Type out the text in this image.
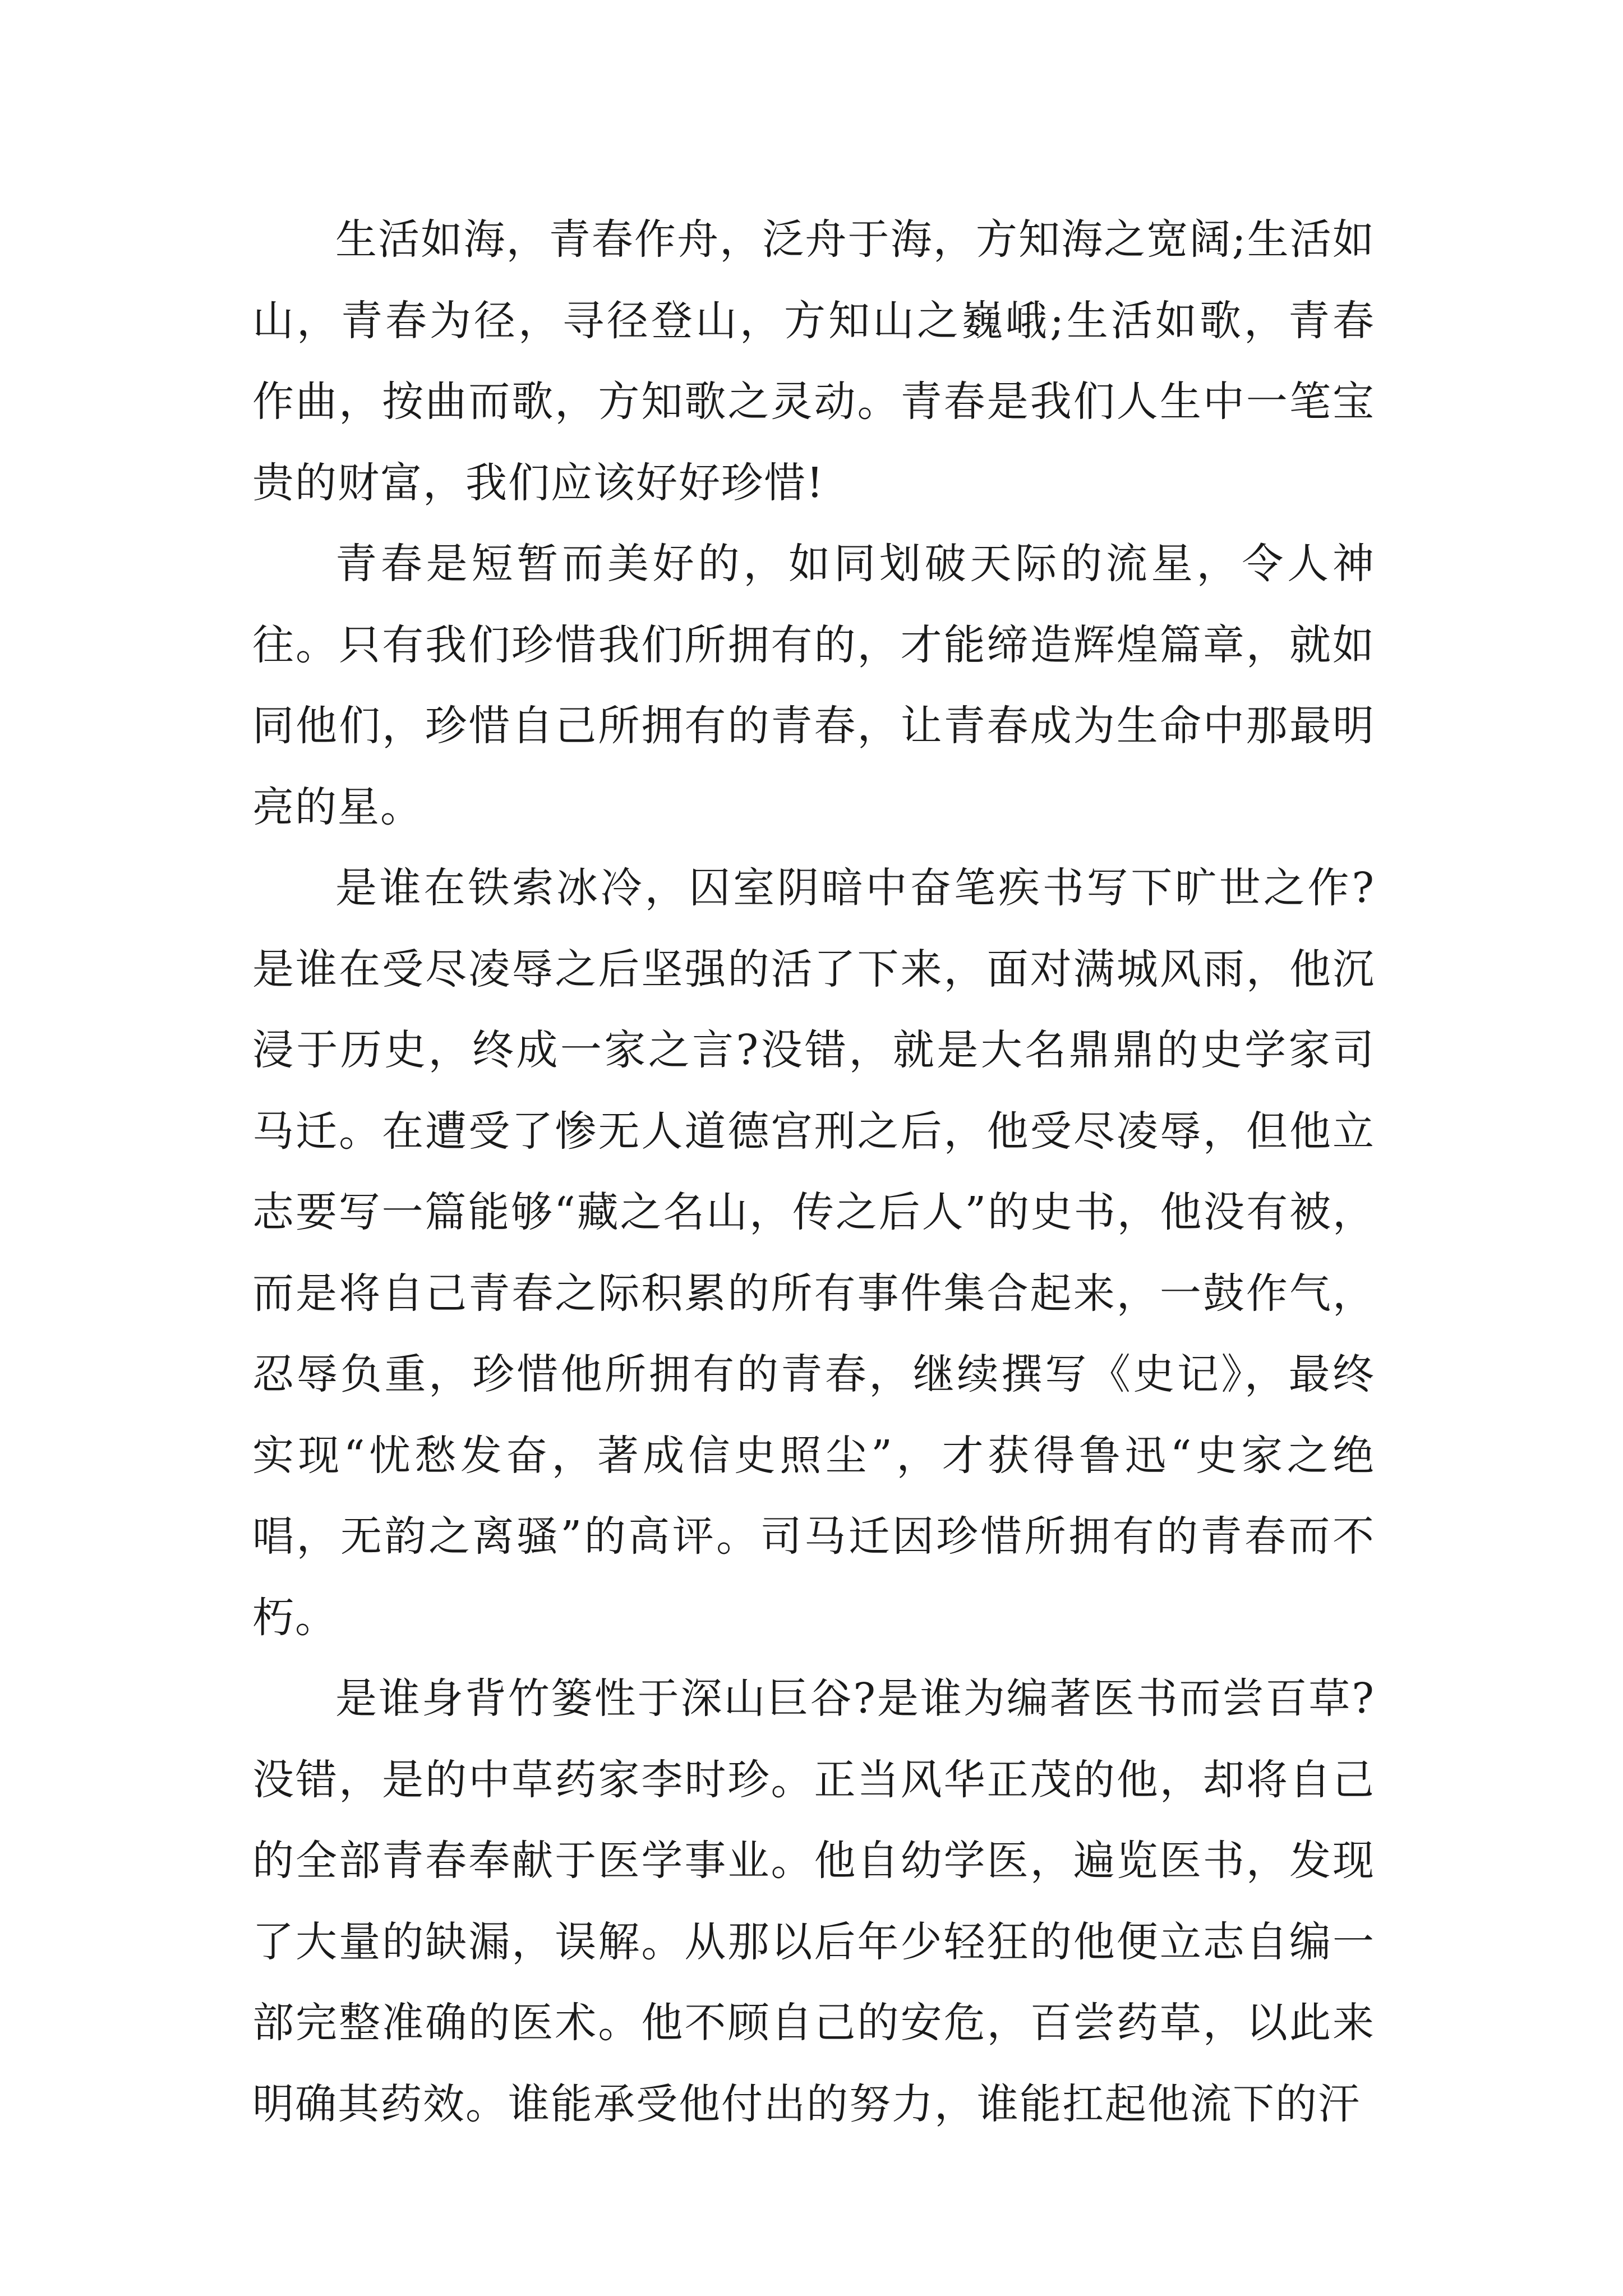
生活如海，青春作舟，泛舟于海，方知海之宽阔;生活如山，青春为径，寻径登山，方知山之巍峨;生活如歌，青春作曲，按曲而歌，方知歌之灵动。青春是我们人生中一笔宝贵的财富，我们应该好好珍惜!

青春是短暂而美好的，如同划破天际的流星，令人神往。只有我们珍惜我们所拥有的，才能缔造辉煌篇章，就如同他们，珍惜自己所拥有的青春，让青春成为生命中那最明亮的星。

是谁在铁索冰冷，囚室阴暗中奋笔疾书写下旷世之作?是谁在受尽凌辱之后坚强的活了下来，面对满城风雨，他沉浸于历史，终成一家之言?没错，就是大名鼎鼎的史学家司马迁。在遭受了惨无人道德宫刑之后，他受尽凌辱，但他立志要写一篇能够“藏之名山，传之后人”的史书，他没有被，而是将自己青春之际积累的所有事件集合起来，一鼓作气，忍辱负重，珍惜他所拥有的青春，继续撰写《史记》，最终实现“忧愁发奋，著成信史照尘”，才获得鲁迅“史家之绝唱，无韵之离骚”的高评。司马迁因珍惜所拥有的青春而不朽。

是谁身背竹篓性于深山巨谷?是谁为编著医书而尝百草?没错，是的中草药家李时珍。正当风华正茂的他，却将自己的全部青春奉献于医学事业。他自幼学医，遍览医书，发现了大量的缺漏，误解。从那以后年少轻狂的他便立志自编一部完整准确的医术。他不顾自己的安危，百尝药草，以此来明确其药效。谁能承受他付出的努力，谁能扛起他流下的汗
